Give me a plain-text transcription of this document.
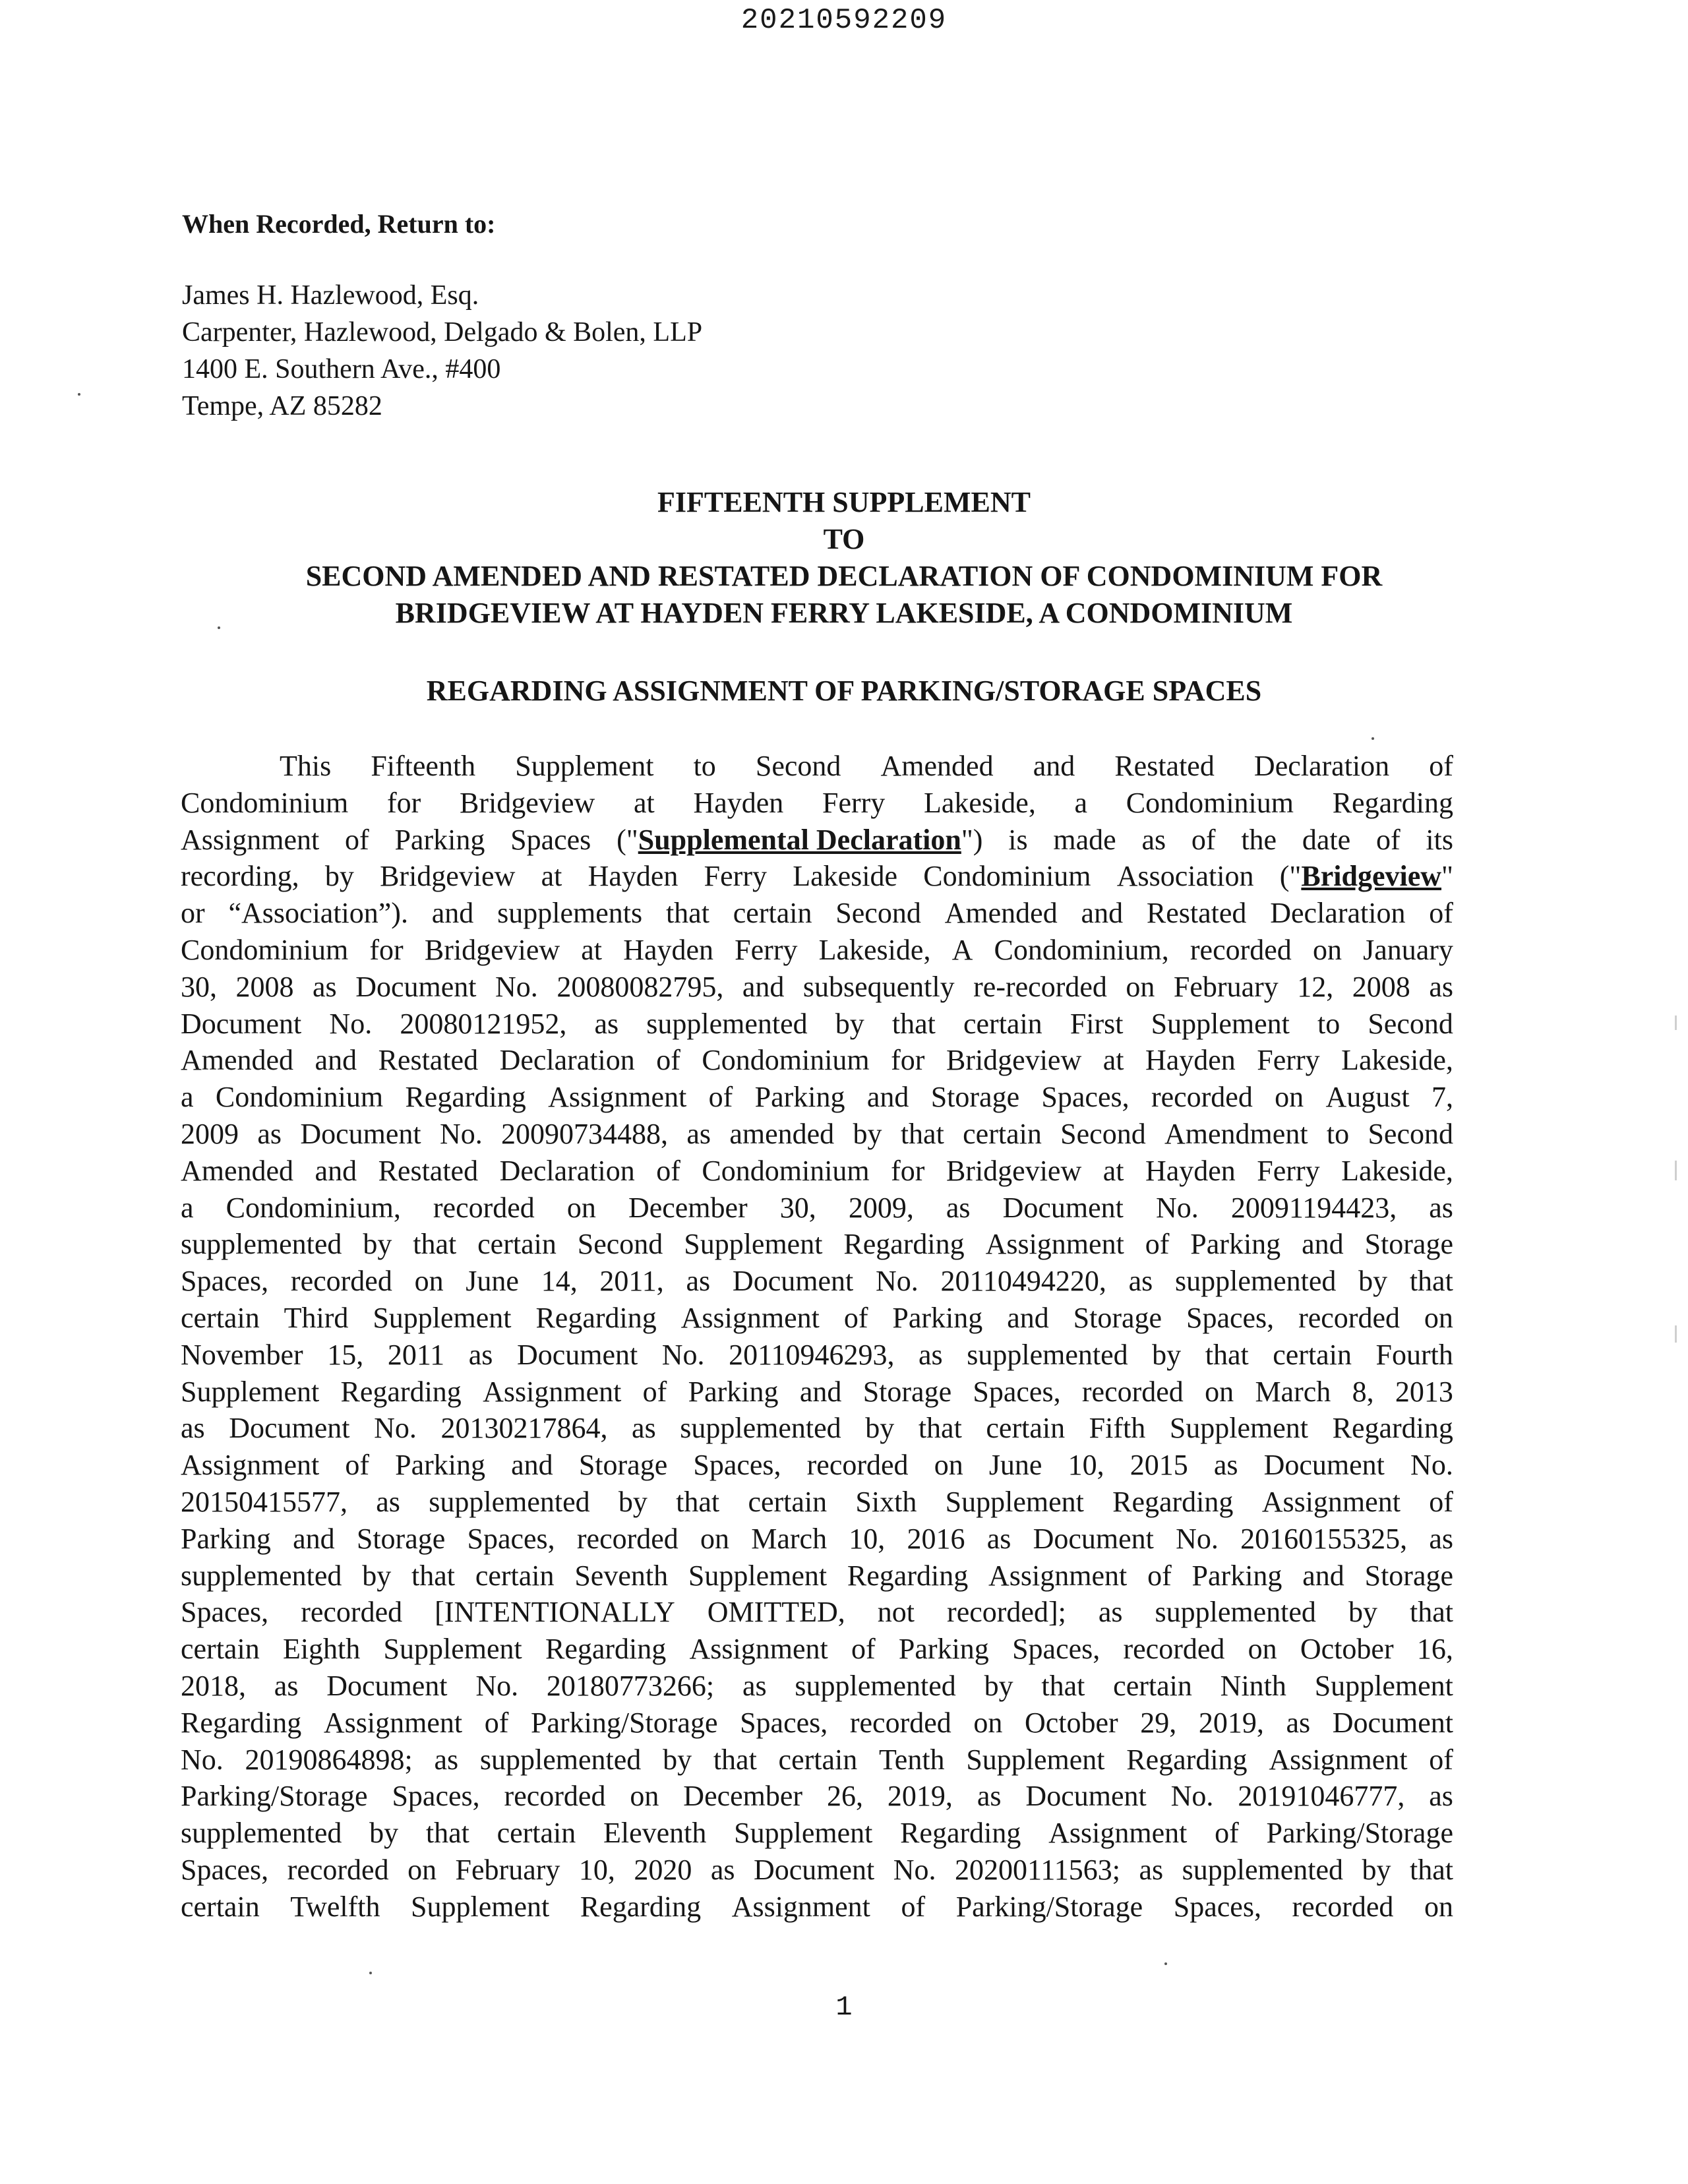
20210592209
When Recorded, Return to:
James H. Hazlewood, Esq.
Carpenter, Hazlewood, Delgado & Bolen, LLP
1400 E. Southern Ave., #400
Tempe, AZ 85282
FIFTEENTH SUPPLEMENT
TO
SECOND AMENDED AND RESTATED DECLARATION OF CONDOMINIUM FOR
BRIDGEVIEW AT HAYDEN FERRY LAKESIDE, A CONDOMINIUM
REGARDING ASSIGNMENT OF PARKING/STORAGE SPACES
This Fifteenth Supplement to Second Amended and Restated Declaration of
Condominium for Bridgeview at Hayden Ferry Lakeside, a Condominium Regarding
Assignment of Parking Spaces ("Supplemental Declaration") is made as of the date of its
recording, by Bridgeview at Hayden Ferry Lakeside Condominium Association ("Bridgeview"
or “Association”). and supplements that certain Second Amended and Restated Declaration of
Condominium for Bridgeview at Hayden Ferry Lakeside, A Condominium, recorded on January
30, 2008 as Document No. 20080082795, and subsequently re-recorded on February 12, 2008 as
Document No. 20080121952, as supplemented by that certain First Supplement to Second
Amended and Restated Declaration of Condominium for Bridgeview at Hayden Ferry Lakeside,
a Condominium Regarding Assignment of Parking and Storage Spaces, recorded on August 7,
2009 as Document No. 20090734488, as amended by that certain Second Amendment to Second
Amended and Restated Declaration of Condominium for Bridgeview at Hayden Ferry Lakeside,
a Condominium, recorded on December 30, 2009, as Document No. 20091194423, as
supplemented by that certain Second Supplement Regarding Assignment of Parking and Storage
Spaces, recorded on June 14, 2011, as Document No. 20110494220, as supplemented by that
certain Third Supplement Regarding Assignment of Parking and Storage Spaces, recorded on
November 15, 2011 as Document No. 20110946293, as supplemented by that certain Fourth
Supplement Regarding Assignment of Parking and Storage Spaces, recorded on March 8, 2013
as Document No. 20130217864, as supplemented by that certain Fifth Supplement Regarding
Assignment of Parking and Storage Spaces, recorded on June 10, 2015 as Document No.
20150415577, as supplemented by that certain Sixth Supplement Regarding Assignment of
Parking and Storage Spaces, recorded on March 10, 2016 as Document No. 20160155325, as
supplemented by that certain Seventh Supplement Regarding Assignment of Parking and Storage
Spaces, recorded [INTENTIONALLY OMITTED, not recorded]; as supplemented by that
certain Eighth Supplement Regarding Assignment of Parking Spaces, recorded on October 16,
2018, as Document No. 20180773266; as supplemented by that certain Ninth Supplement
Regarding Assignment of Parking/Storage Spaces, recorded on October 29, 2019, as Document
No. 20190864898; as supplemented by that certain Tenth Supplement Regarding Assignment of
Parking/Storage Spaces, recorded on December 26, 2019, as Document No. 20191046777, as
supplemented by that certain Eleventh Supplement Regarding Assignment of Parking/Storage
Spaces, recorded on February 10, 2020 as Document No. 20200111563; as supplemented by that
certain Twelfth Supplement Regarding Assignment of Parking/Storage Spaces, recorded on
1
